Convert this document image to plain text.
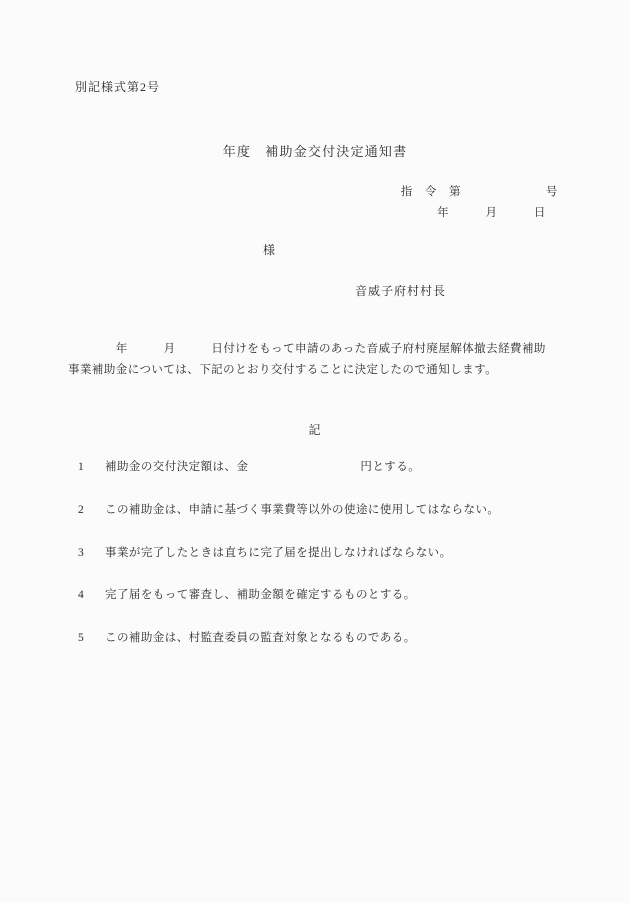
別記様式第2号
年度　補助金交付決定通知書
指　令　第　　　　　　　号
年　　　月　　　日
様
音威子府村村長
　　　　年　　　月　　　日付けをもって申請のあった音威子府村廃屋解体撤去経費補助
事業補助金については、下記のとおり交付することに決定したので通知します。
記
1	補助金の交付決定額は、金	円とする。
2	この補助金は、申請に基づく事業費等以外の使途に使用してはならない。
3	事業が完了したときは直ちに完了届を提出しなければならない。
4	完了届をもって審査し、補助金額を確定するものとする。
5	この補助金は、村監査委員の監査対象となるものである。
